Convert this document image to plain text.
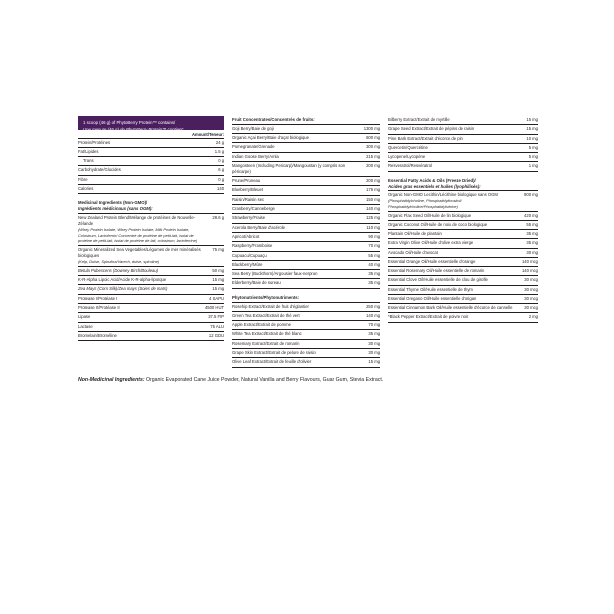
1 scoop (46 g) of PhytoBerry Protein™ contains/
Une mesure (46 g) de PhytoBerry Protein™ contient:
Amount/Teneur:
Protein/Protéines	24 g
Fat/Lipides	1.5 g
Trans	0 g
Carbohydrate/Glucides	6 g
Fibre	0 g
Calories	140
Medicinal Ingredients (Non-GMO)/
Ingrédients médicinaux (sans OGM):
New Zealand Protein Blend/Mélange de protéines de Nouvelle-Zélande
(Whey Protein Isolate, Whey Protein Isolate, Milk Protein Isolate, Colostrum, Lactoferrin/ Concentré de protéine de petit-lait, isolat de protéine de petit-lait, isolat de protéine de lait, colostrum, lactoferrine)
28.6 g
Organic Mineralized Sea Vegetables/Légumes de mer minéralisés biologiques
(Kelp, Dulse, Spirulina/Varech, dulse, spiruline)
75 mg
Betula Pubescens (Downey Birch/Bouleau)	50 mg
K-R-Alpha Lipoic Acid/Acide K-R-alpha-lipoïque	15 mg
Zea Mays (Corn Silk)/Zea mays (Soies de maïs)	15 mg
Protease I/Protéase I	4 SAPU
Protease II/Protéase II	4500 HUT
Lipase	37.5 FIP
Lactase	75 ALU
Bromelain/Broméline	12 GDU
Fruit Concentrates/Concentrés de fruits:
Goji Berry/Baie de goji	1300 mg
Organic Açai Berry/Baie d'açaï biologique	600 mg
Pomegranate/Grenade	300 mg
Indian Goose Berry/Amla	215 mg
Mangosteen (Including Pericarp)/Mangoustan (y compris son péricarpe)
200 mg
Prune/Pruneau	200 mg
Blueberry/Bleuet	175 mg
Raisin/Raisin sec	150 mg
Cranberry/Canneberge	140 mg
Strawberry/Fraise	125 mg
Acerola Berry/Baie d'acérole	110 mg
Apricot/Abricot	90 mg
Raspberry/Framboise	70 mg
Cupuacu/Cupuaçu	55 mg
Blackberry/Mûre	40 mg
Sea Berry (Buckthorn)/Argousier faux-nerprun	35 mg
Elderberry/Baie de sureau	35 mg
Phytonutrients/Phytonutriments:
Rosehip Extract/Extrait de fruit d'églantier	250 mg
Green Tea Extract/Extrait de thé vert	140 mg
Apple Extract/Extrait de pomme	70 mg
White Tea Extract/Extrait de thé blanc	35 mg
Rosemary Extract/Extrait de romarin	30 mg
Grape Skin Extract/Extrait de pelure de raisin	30 mg
Olive Leaf Extract/Extrait de feuille d'olivier	15 mg
Bilberry Extract/Extrait de myrtille	15 mg
Grape Seed Extract/Extrait de pépins de raisin	15 mg
Pine Bark Extract/Extrait d'écorce de pin	10 mg
Quercetin/Quercétine	5 mg
Lycopene/Lycopène	5 mg
Resveratrol/Resvératrol	1 mg
Essential Fatty Acids & Oils (Freeze Dried)/
Acides gras essentiels et huiles (lyophilisés):
Organic Non-GMO Lecithin/Lécithine biologique sans OGM
(Phosphatidylcholine, Phosphatidylinositol/ Phosphatidylcholine/Phosphatidylsérine)
900 mg
Organic Flax Seed Oil/Huile de lin biologique	420 mg
Organic Coconut Oil/Huile de noix de coco biologique	55 mg
Plantain Oil/Huile de plantain	35 mg
Extra Virgin Olive Oil/Huile d'olive extra vierge	35 mg
Avocado Oil/Huile d'avocat	30 mg
Essential Orange Oil/Huile essentielle d'orange	140 mcg
Essential Rosemary Oil/Huile essentielle de romarin	140 mcg
Essential Clove Oil/Huile essentielle de clou de girofle	30 mcg
Essential Thyme Oil/Huile essentielle de thym	30 mcg
Essential Oregano Oil/Huile essentielle d'origan	30 mcg
Essential Cinnamon Bark Oil/Huile essentielle d'écorce de cannelle	30 mcg
*Black Pepper Extract/Extrait de poivre noir	2 mg
Non-Medicinal Ingredients: Organic Evaporated Cane Juice Powder, Natural Vanilla and Berry Flavours, Guar Gum, Stevia Extract.
